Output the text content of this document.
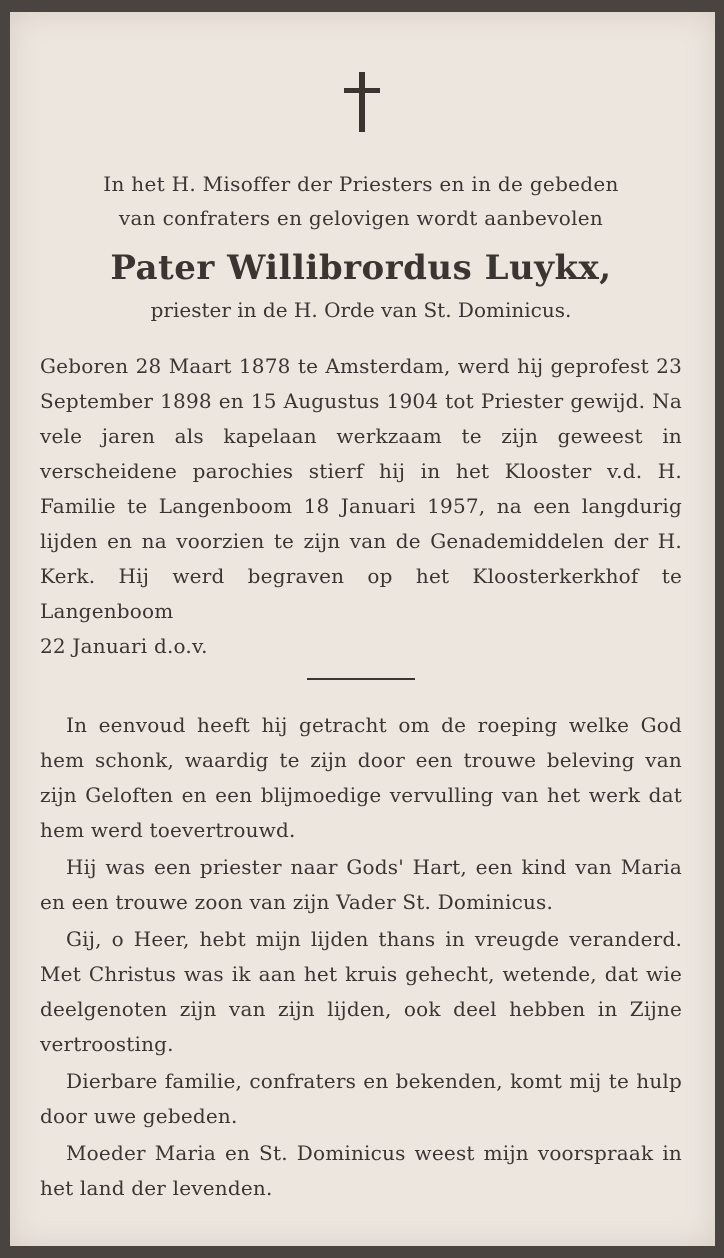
In het H. Misoffer der Priesters en in de gebeden
van confraters en gelovigen wordt aanbevolen
Pater Willibrordus Luykx,
priester in de H. Orde van St. Dominicus.
Geboren 28 Maart 1878 te Amsterdam, werd hij geprofest 23 September 1898 en 15 Augustus 1904 tot Priester gewijd. Na vele jaren als kapelaan werkzaam te zijn geweest in verscheidene parochies stierf hij in het Klooster v.d. H. Familie te Langenboom 18 Januari 1957, na een langdurig lijden en na voorzien te zijn van de Genademiddelen der H. Kerk. Hij werd begraven op het Kloosterkerkhof te Langenboom
22 Januari d.o.v.

In eenvoud heeft hij getracht om de roeping welke God hem schonk, waardig te zijn door een trouwe beleving van zijn Geloften en een blijmoedige vervulling van het werk dat hem werd toevertrouwd.

Hij was een priester naar Gods' Hart, een kind van Maria en een trouwe zoon van zijn Vader St. Dominicus.

Gij, o Heer, hebt mijn lijden thans in vreugde veranderd. Met Christus was ik aan het kruis gehecht, wetende, dat wie deelgenoten zijn van zijn lijden, ook deel hebben in Zijne vertroosting.

Dierbare familie, confraters en bekenden, komt mij te hulp door uwe gebeden.

Moeder Maria en St. Dominicus weest mijn voorspraak in het land der levenden.
